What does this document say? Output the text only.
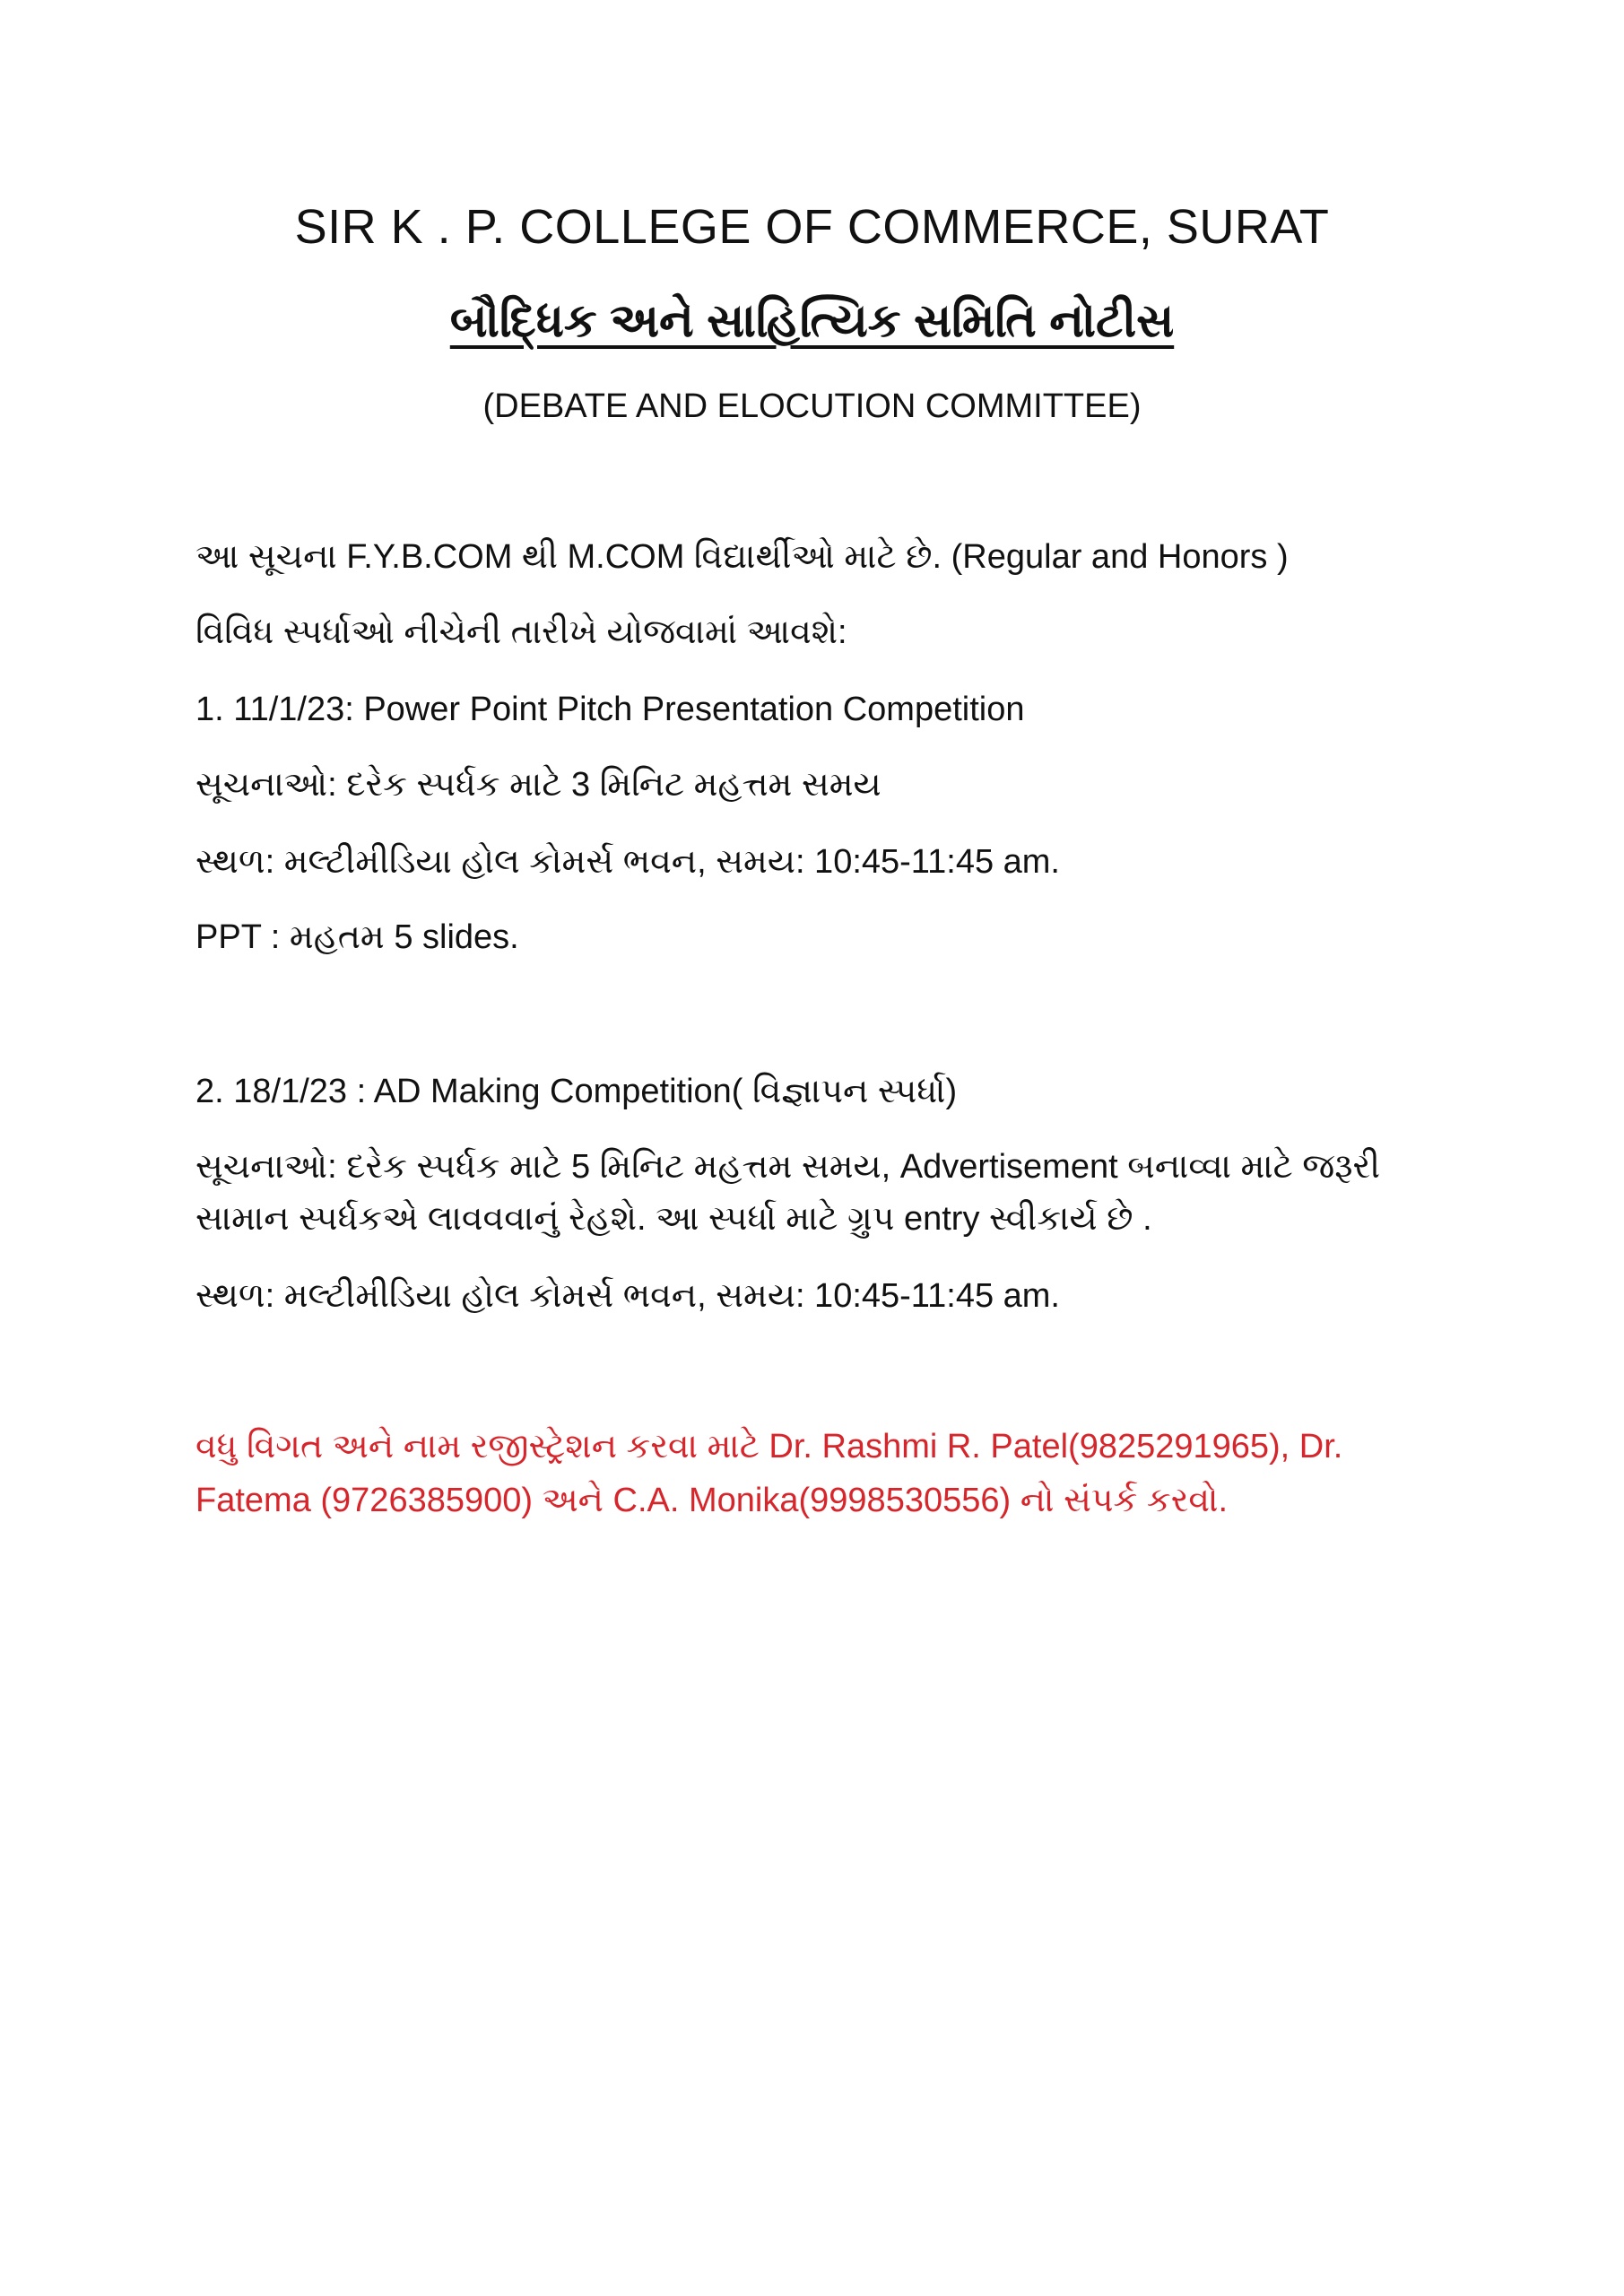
SIR K . P. COLLEGE OF COMMERCE, SURAT
બૌદ્ધિક અને સાહિત્યિક સમિતિ નોટીસ
(DEBATE AND ELOCUTION COMMITTEE)
આ સૂચના F.Y.B.COM થી M.COM વિદ્યાર્થીઓ માટે છે. (Regular and Honors )
વિવિધ સ્પર્ધાઓ નીચેની તારીખે યોજવામાં આવશે:
1. 11/1/23: Power Point Pitch Presentation Competition
સૂચનાઓ: દરેક સ્પર્ધક માટે 3 મિનિટ મહત્તમ સમય
સ્થળ: મલ્ટીમીડિયા હોલ કોમર્સ ભવન, સમય: 10:45-11:45 am.
PPT : મહતમ 5 slides.
2. 18/1/23 : AD Making Competition( વિજ્ઞાપન સ્પર્ધા)
સૂચનાઓ: દરેક સ્પર્ધક માટે 5 મિનિટ મહત્તમ સમય, Advertisement બનાવ્વા માટે જરૂરી
સામાન સ્પર્ધકએ લાવવવાનું રેહશે. આ સ્પર્ધા માટે ગ્રુપ entry સ્વીકાર્ય છે .
સ્થળ: મલ્ટીમીડિયા હોલ કોમર્સ ભવન, સમય: 10:45-11:45 am.
વધુ વિગત અને નામ રજીસ્ટ્રેશન કરવા માટે Dr. Rashmi R. Patel(9825291965), Dr.
Fatema (9726385900) અને C.A. Monika(9998530556) નો સંપર્ક કરવો.
